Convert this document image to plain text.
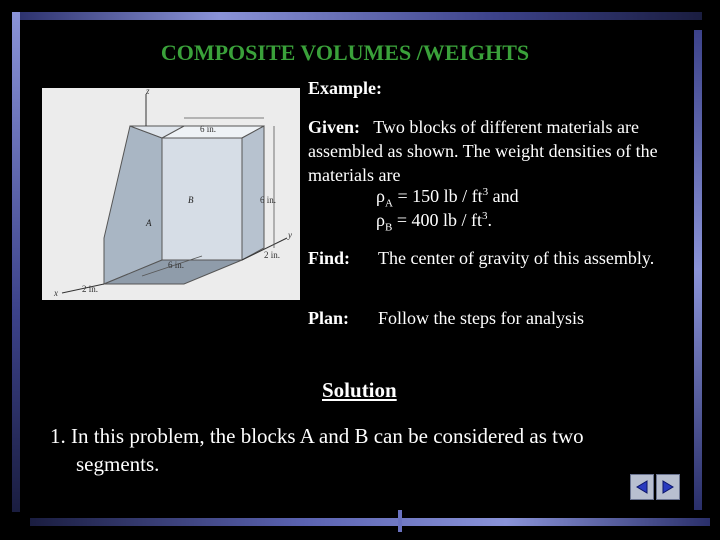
COMPOSITE VOLUMES /WEIGHTS
z
y
x
6 in.
6 in.
2 in.
6 in.
2 in.
A
B
Example:
Given: Two blocks of different materials are assembled as shown. The weight densities of the materials are
$\rho_A = 150$ lb / $ft^3$ and
$\rho_B = 400$ lb / $ft^3$.
Find: The center of gravity of this assembly.
Plan: Follow the steps for analysis
Solution
1. In this problem, the blocks A and B can be considered as two
segments.
